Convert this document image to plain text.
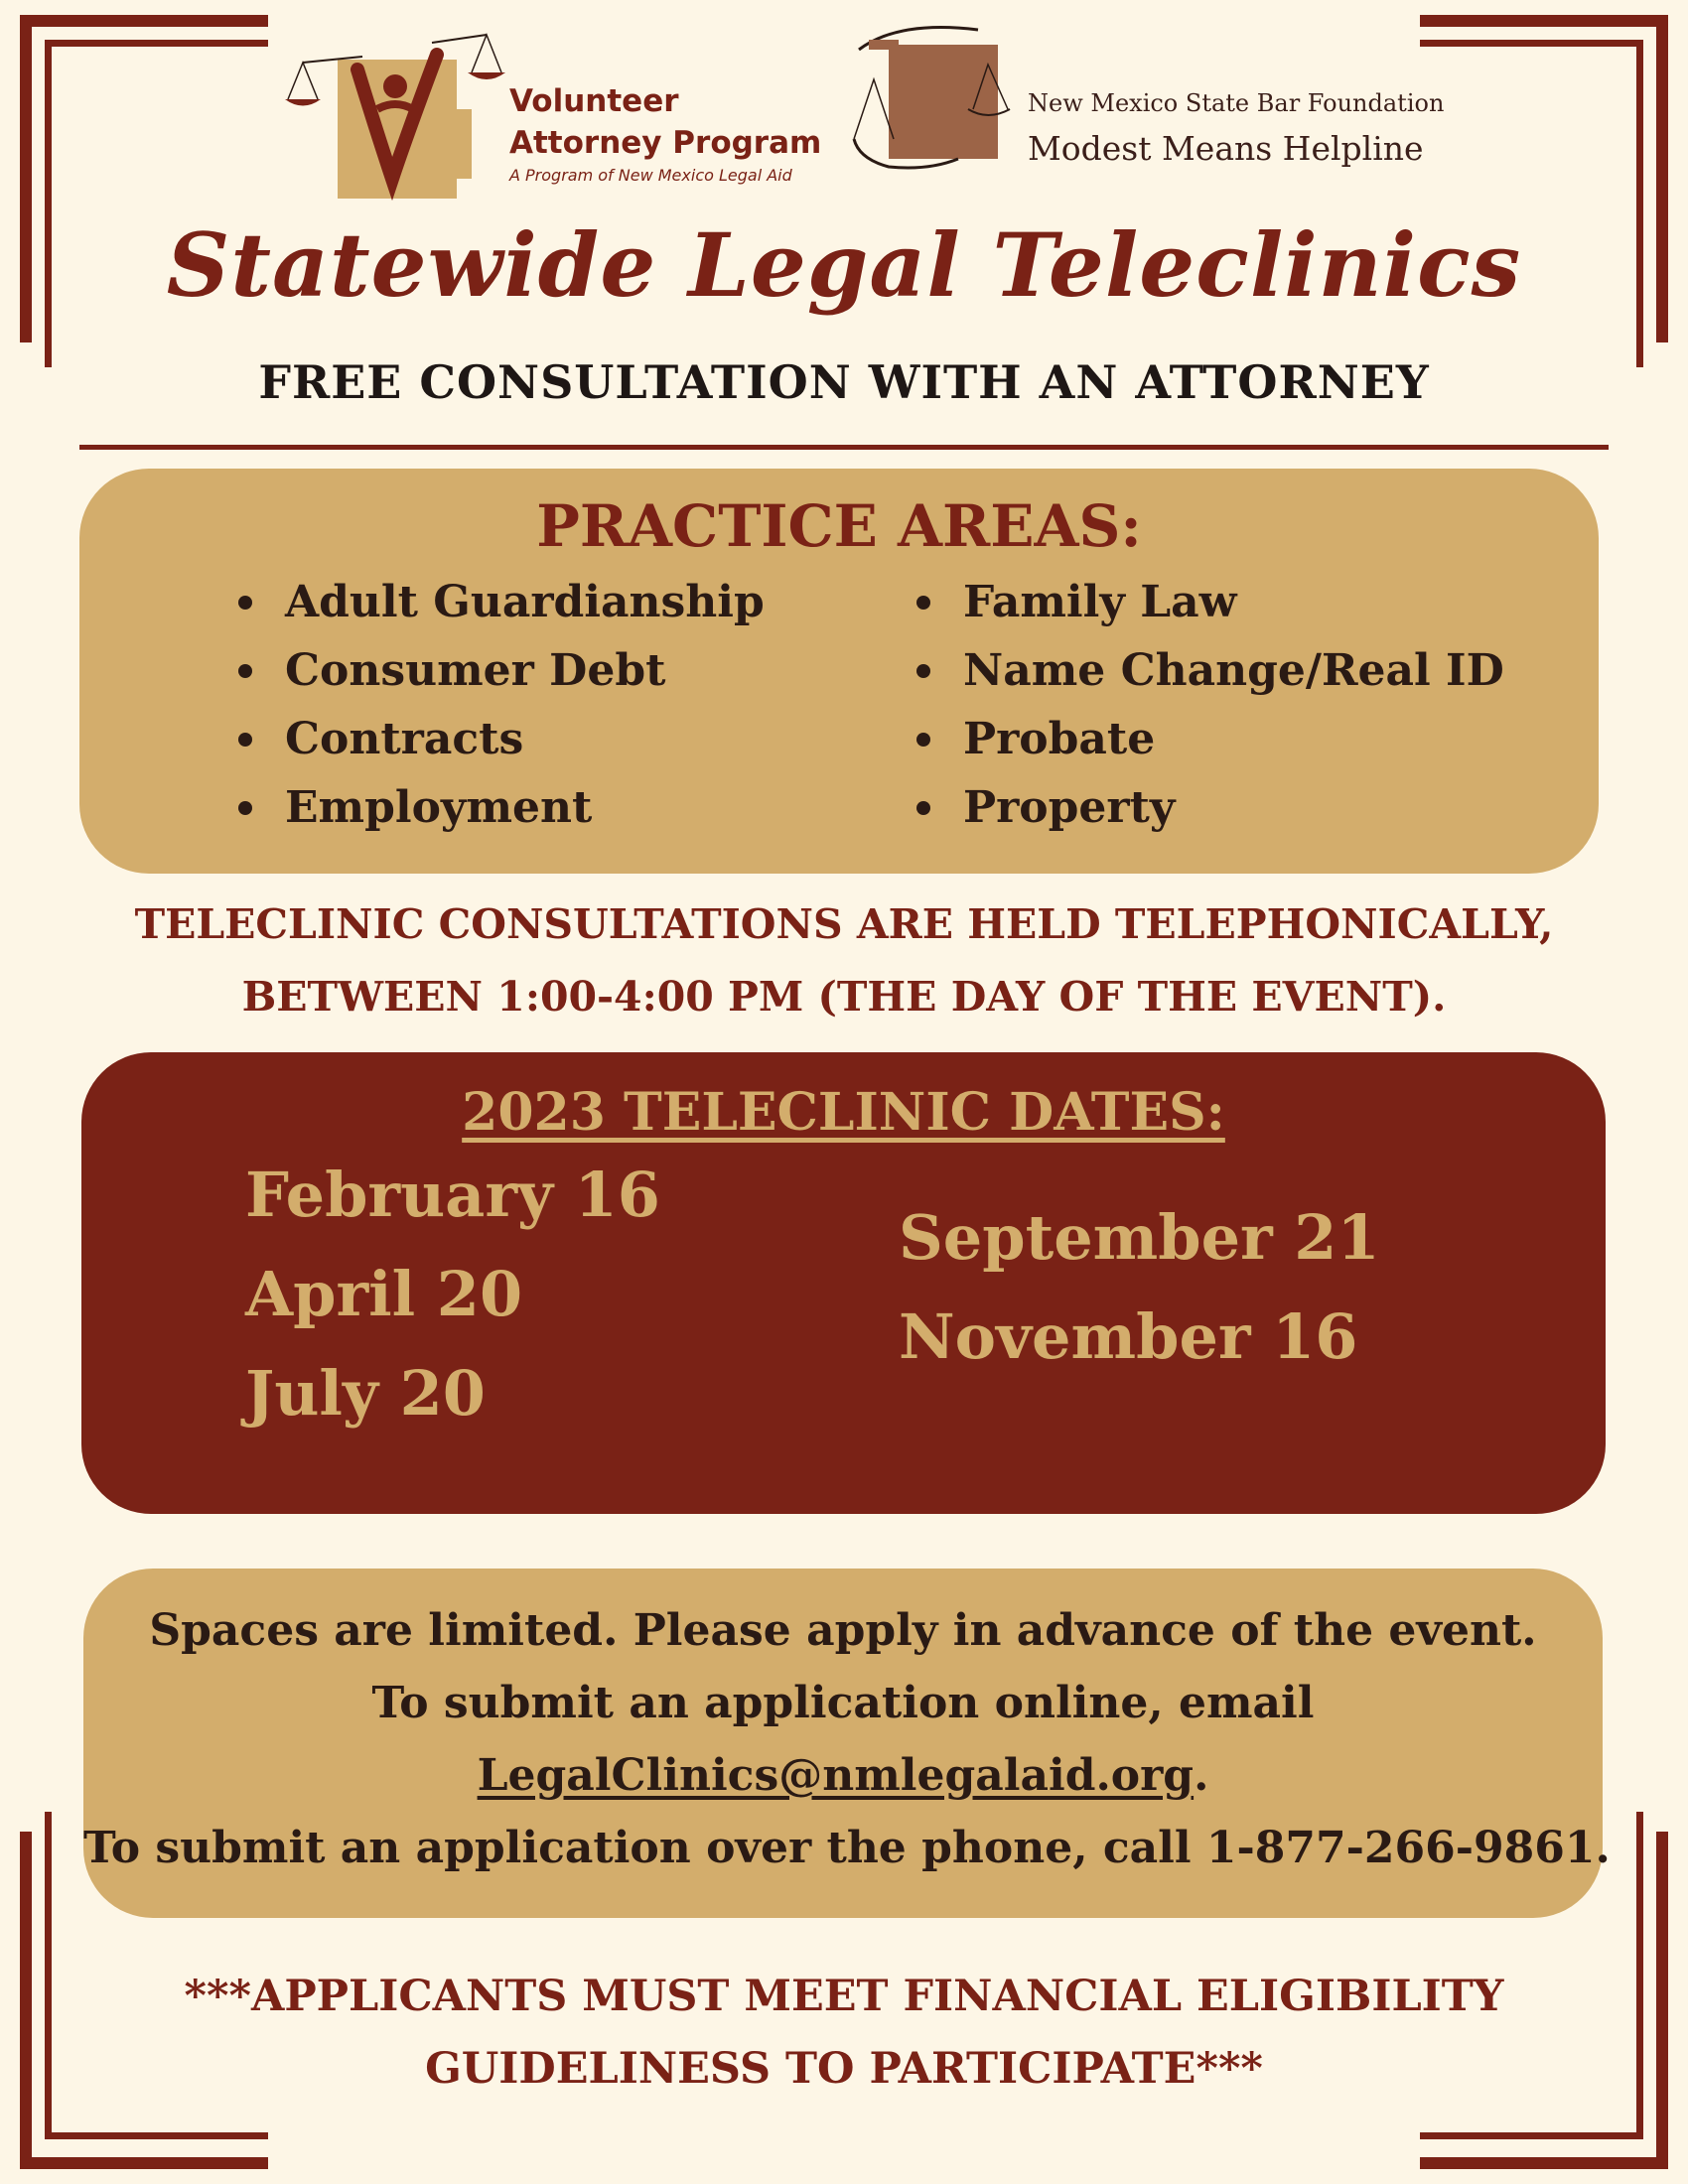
Volunteer
Attorney Program
A Program of New Mexico Legal Aid
New Mexico State Bar Foundation
Modest Means Helpline
Statewide Legal Teleclinics
FREE CONSULTATION WITH AN ATTORNEY
PRACTICE AREAS:
Adult Guardianship
Consumer Debt
Contracts
Employment
Family Law
Name Change/Real ID
Probate
Property
TELECLINIC CONSULTATIONS ARE HELD TELEPHONICALLY,
BETWEEN 1:00-4:00 PM (THE DAY OF THE EVENT).
2023 TELECLINIC DATES:
February 16
April 20
July 20
September 21
November 16
Spaces are limited. Please apply in advance of the event.
To submit an application online, email
LegalClinics@nmlegalaid.org.
To submit an application over the phone, call 1-877-266-9861.
***APPLICANTS MUST MEET FINANCIAL ELIGIBILITY
GUIDELINESS TO PARTICIPATE***
